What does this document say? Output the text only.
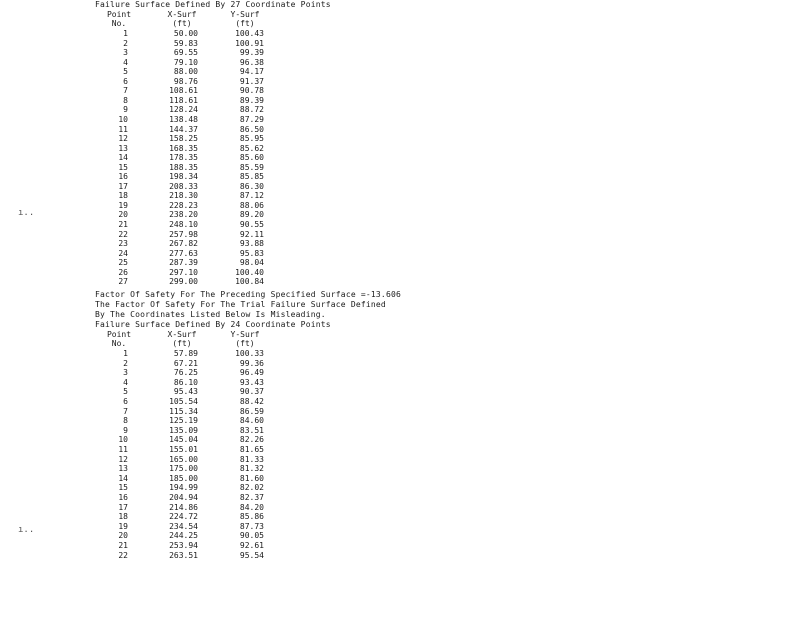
Failure Surface Defined By 27 Coordinate Points
Point	X-Surf	Y-Surf
No.	(ft)	(ft)
1	50.00	100.43
2	59.83	100.91
3	69.55	99.39
4	79.10	96.38
5	88.00	94.17
6	98.76	91.37
7	108.61	90.78
8	118.61	89.39
9	128.24	88.72
10	138.48	87.29
11	144.37	86.50
12	158.25	85.95
13	168.35	85.62
14	178.35	85.60
15	188.35	85.59
16	198.34	85.85
17	208.33	86.30
18	218.30	87.12
19	228.23	88.06
20	238.20	89.20
21	248.10	90.55
22	257.98	92.11
23	267.82	93.88
24	277.63	95.83
25	287.39	98.04
26	297.10	100.40
27	299.00	100.84
Factor Of Safety For The Preceding Specified Surface =-13.606
The Factor Of Safety For The Trial Failure Surface Defined
By The Coordinates Listed Below Is Misleading.
Failure Surface Defined By 24 Coordinate Points
Point	X-Surf	Y-Surf
No.	(ft)	(ft)
1	57.89	100.33
2	67.21	99.36
3	76.25	96.49
4	86.10	93.43
5	95.43	90.37
6	105.54	88.42
7	115.34	86.59
8	125.19	84.60
9	135.09	83.51
10	145.04	82.26
11	155.01	81.65
12	165.00	81.33
13	175.00	81.32
14	185.00	81.60
15	194.99	82.02
16	204.94	82.37
17	214.86	84.20
18	224.72	85.86
19	234.54	87.73
20	244.25	90.05
21	253.94	92.61
22	263.51	95.54
ı..
ı..
